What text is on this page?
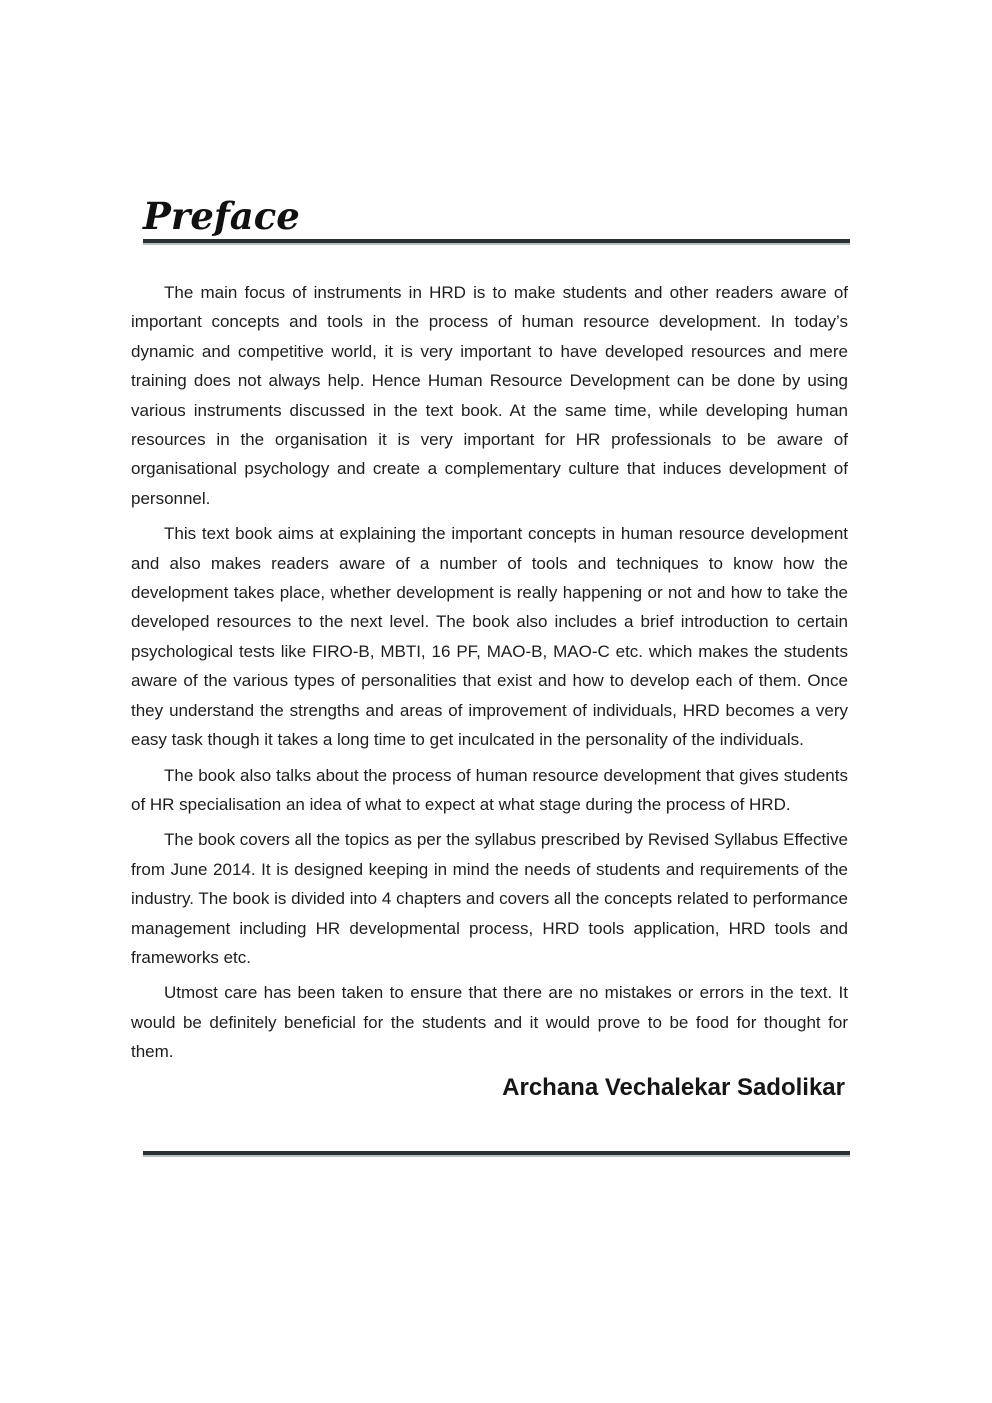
Preface

The main focus of instruments in HRD is to make students and other readers aware of important concepts and tools in the process of human resource development. In today’s dynamic and competitive world, it is very important to have developed resources and mere training does not always help. Hence Human Resource Development can be done by using various instruments discussed in the text book. At the same time, while developing human resources in the organisation it is very important for HR professionals to be aware of organisational psychology and create a complementary culture that induces development of personnel.

This text book aims at explaining the important concepts in human resource development and also makes readers aware of a number of tools and techniques to know how the development takes place, whether development is really happening or not and how to take the developed resources to the next level. The book also includes a brief introduction to certain psychological tests like FIRO-B, MBTI, 16 PF, MAO-B, MAO-C etc. which makes the students aware of the various types of personalities that exist and how to develop each of them. Once they understand the strengths and areas of improvement of individuals, HRD becomes a very easy task though it takes a long time to get inculcated in the personality of the individuals.

The book also talks about the process of human resource development that gives students of HR specialisation an idea of what to expect at what stage during the process of HRD.

The book covers all the topics as per the syllabus prescribed by Revised Syllabus Effective from June 2014. It is designed keeping in mind the needs of students and requirements of the industry. The book is divided into 4 chapters and covers all the concepts related to performance management including HR developmental process, HRD tools application, HRD tools and frameworks etc.

Utmost care has been taken to ensure that there are no mistakes or errors in the text. It would be definitely beneficial for the students and it would prove to be food for thought for them.

Archana Vechalekar Sadolikar
